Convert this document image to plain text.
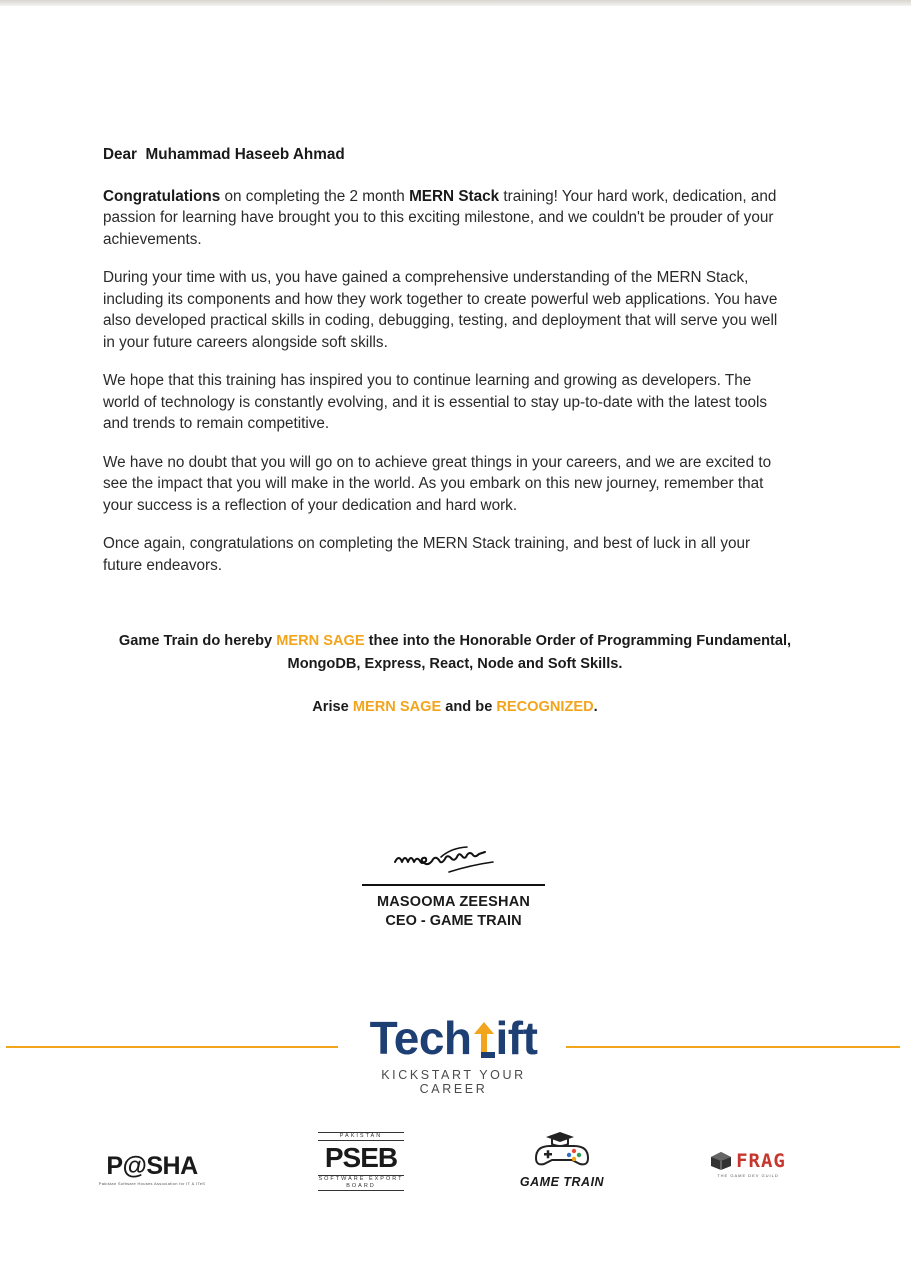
Dear Muhammad Haseeb Ahmad

Congratulations on completing the 2 month MERN Stack training! Your hard work, dedication, and passion for learning have brought you to this exciting milestone, and we couldn't be prouder of your achievements.

During your time with us, you have gained a comprehensive understanding of the MERN Stack, including its components and how they work together to create powerful web applications. You have also developed practical skills in coding, debugging, testing, and deployment that will serve you well in your future careers alongside soft skills.

We hope that this training has inspired you to continue learning and growing as developers. The world of technology is constantly evolving, and it is essential to stay up-to-date with the latest tools and trends to remain competitive.

We have no doubt that you will go on to achieve great things in your careers, and we are excited to see the impact that you will make in the world. As you embark on this new journey, remember that your success is a reflection of your dedication and hard work.

Once again, congratulations on completing the MERN Stack training, and best of luck in all your future endeavors.

Game Train do hereby MERN SAGE thee into the Honorable Order of Programming Fundamental, MongoDB, Express, React, Node and Soft Skills.
Arise MERN SAGE and be RECOGNIZED.
MASOOMA ZEESHAN
CEO - GAME TRAIN
Tech ift
KICKSTART YOUR CAREER
P@SHA
Pakistan Software Houses Association for IT & ITeS
PAKISTAN
PSEB
SOFTWARE EXPORT BOARD	GAME TRAIN
FRAG
THE GAME DEV GUILD
